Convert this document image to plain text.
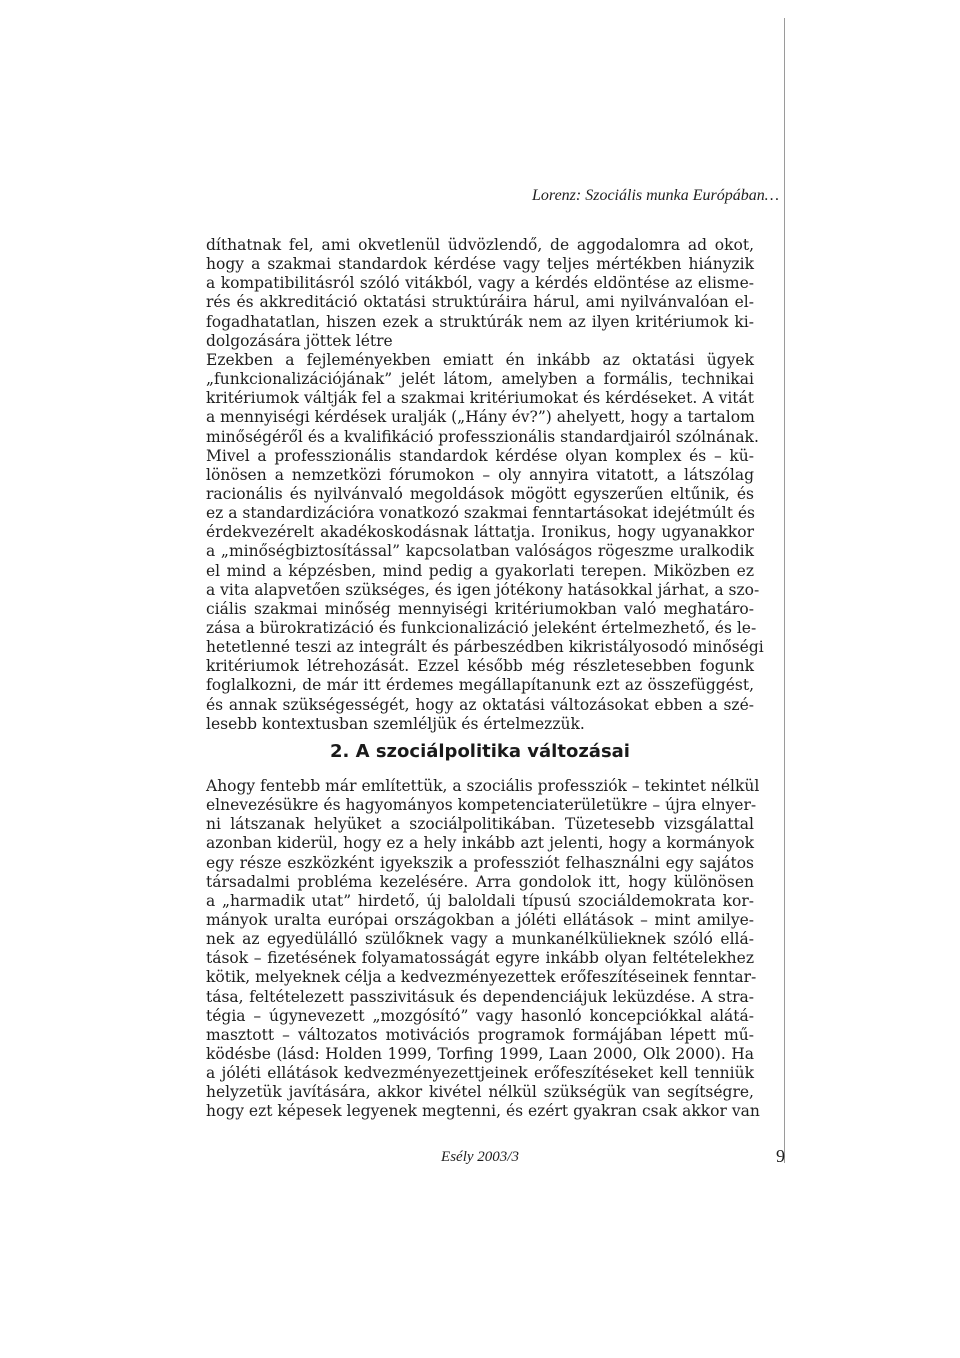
Lorenz: Szociális munka Európában…
díthatnak fel, ami okvetlenül üdvözlendő, de aggodalomra ad okot,
hogy a szakmai standardok kérdése vagy teljes mértékben hiányzik
a kompatibilitásról szóló vitákból, vagy a kérdés eldöntése az elisme-
rés és akkreditáció oktatási struktúráira hárul, ami nyilvánvalóan el-
fogadhatatlan, hiszen ezek a struktúrák nem az ilyen kritériumok ki-
dolgozására jöttek létre
Ezekben a fejleményekben emiatt én inkább az oktatási ügyek
„funkcionalizációjának” jelét látom, amelyben a formális, technikai
kritériumok váltják fel a szakmai kritériumokat és kérdéseket. A vitát
a mennyiségi kérdések uralják („Hány év?”) ahelyett, hogy a tartalom
minőségéről és a kvalifikáció professzionális standardjairól szólnának.
Mivel a professzionális standardok kérdése olyan komplex és – kü-
lönösen a nemzetközi fórumokon – oly annyira vitatott, a látszólag
racionális és nyilvánvaló megoldások mögött egyszerűen eltűnik, és
ez a standardizációra vonatkozó szakmai fenntartásokat idejétmúlt és
érdekvezérelt akadékoskodásnak láttatja. Ironikus, hogy ugyanakkor
a „minőségbiztosítással” kapcsolatban valóságos rögeszme uralkodik
el mind a képzésben, mind pedig a gyakorlati terepen. Miközben ez
a vita alapvetően szükséges, és igen jótékony hatásokkal járhat, a szo-
ciális szakmai minőség mennyiségi kritériumokban való meghatáro-
zása a bürokratizáció és funkcionalizáció jeleként értelmezhető, és le-
hetetlenné teszi az integrált és párbeszédben kikristályosodó minőségi
kritériumok létrehozását. Ezzel később még részletesebben fogunk
foglalkozni, de már itt érdemes megállapítanunk ezt az összefüggést,
és annak szükségességét, hogy az oktatási változásokat ebben a szé-
lesebb kontextusban szemléljük és értelmezzük.
2. A szociálpolitika változásai
Ahogy fentebb már említettük, a szociális professziók – tekintet nélkül
elnevezésükre és hagyományos kompetenciaterületükre – újra elnyer-
ni látszanak helyüket a szociálpolitikában. Tüzetesebb vizsgálattal
azonban kiderül, hogy ez a hely inkább azt jelenti, hogy a kormányok
egy része eszközként igyekszik a professziót felhasználni egy sajátos
társadalmi probléma kezelésére. Arra gondolok itt, hogy különösen
a „harmadik utat” hirdető, új baloldali típusú szociáldemokrata kor-
mányok uralta európai országokban a jóléti ellátások – mint amilye-
nek az egyedülálló szülőknek vagy a munkanélkülieknek szóló ellá-
tások – fizetésének folyamatosságát egyre inkább olyan feltételekhez
kötik, melyeknek célja a kedvezményezettek erőfeszítéseinek fenntar-
tása, feltételezett passzivitásuk és dependenciájuk leküzdése. A stra-
tégia – úgynevezett „mozgósító” vagy hasonló koncepciókkal alátá-
masztott – változatos motivációs programok formájában lépett mű-
ködésbe (lásd: Holden 1999, Torfing 1999, Laan 2000, Olk 2000). Ha
a jóléti ellátások kedvezményezettjeinek erőfeszítéseket kell tenniük
helyzetük javítására, akkor kivétel nélkül szükségük van segítségre,
hogy ezt képesek legyenek megtenni, és ezért gyakran csak akkor van
Esély 2003/3	9
